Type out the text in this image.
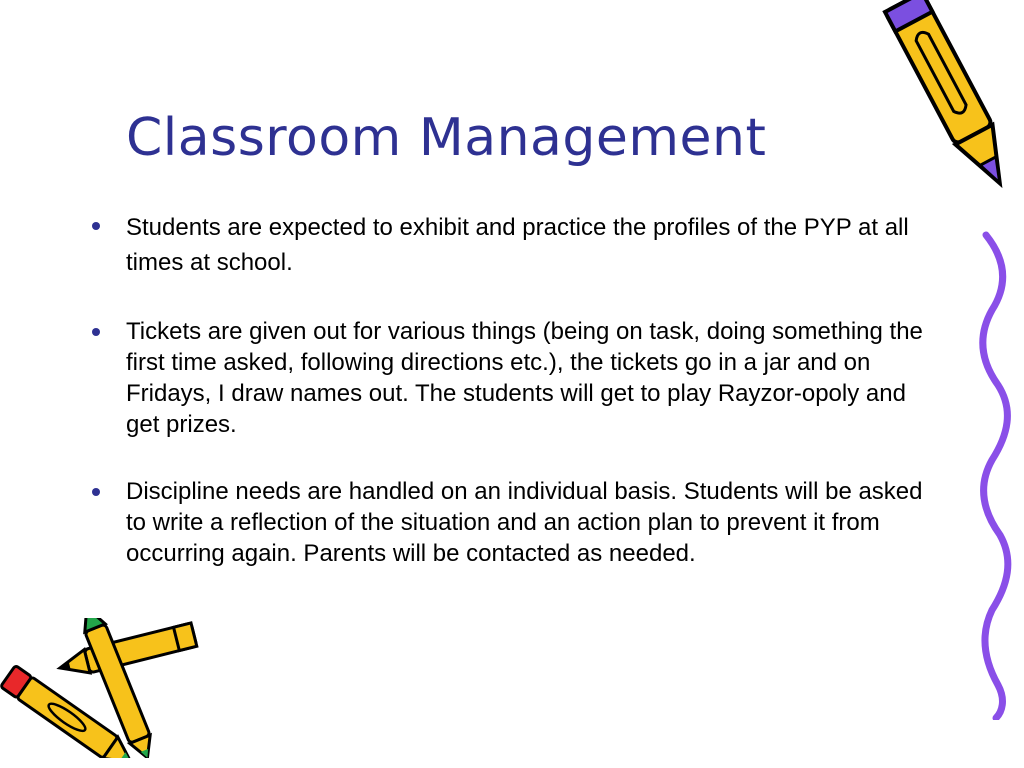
Classroom Management
Students are expected to exhibit and practice the profiles of the PYP at all times at school.
Tickets are given out for various things (being on task, doing something the first time asked, following directions etc.), the tickets go in a jar and on Fridays, I draw names out. The students will get to play Rayzor-opoly and get prizes.
Discipline needs are handled on an individual basis. Students will be asked to write a reflection of the situation and an action plan to prevent it from occurring again. Parents will be contacted as needed.
